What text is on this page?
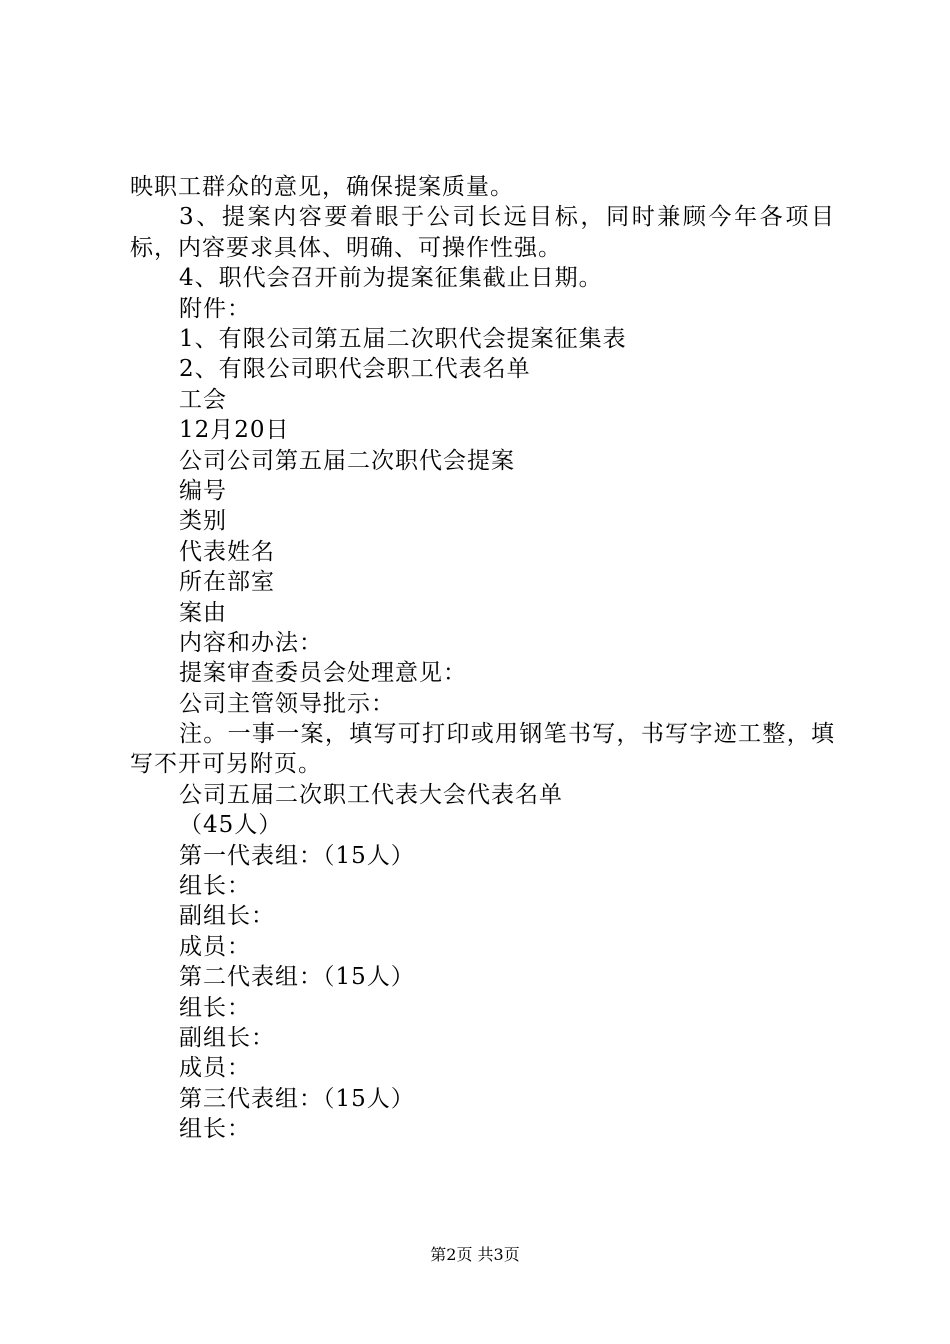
映职工群众的意见，确保提案质量。
3、提案内容要着眼于公司长远目标，同时兼顾今年各项目标，内容要求具体、明确、可操作性强。
4、职代会召开前为提案征集截止日期。
附件：
1、有限公司第五届二次职代会提案征集表
2、有限公司职代会职工代表名单
工会
12月20日
公司公司第五届二次职代会提案
编号
类别
代表姓名
所在部室
案由
内容和办法：
提案审查委员会处理意见：
公司主管领导批示：
注。一事一案，填写可打印或用钢笔书写，书写字迹工整，填写不开可另附页。
公司五届二次职工代表大会代表名单
（45人）
第一代表组：（15人）
组长：
副组长：
成员：
第二代表组：（15人）
组长：
副组长：
成员：
第三代表组：（15人）
组长：
第2页 共3页
